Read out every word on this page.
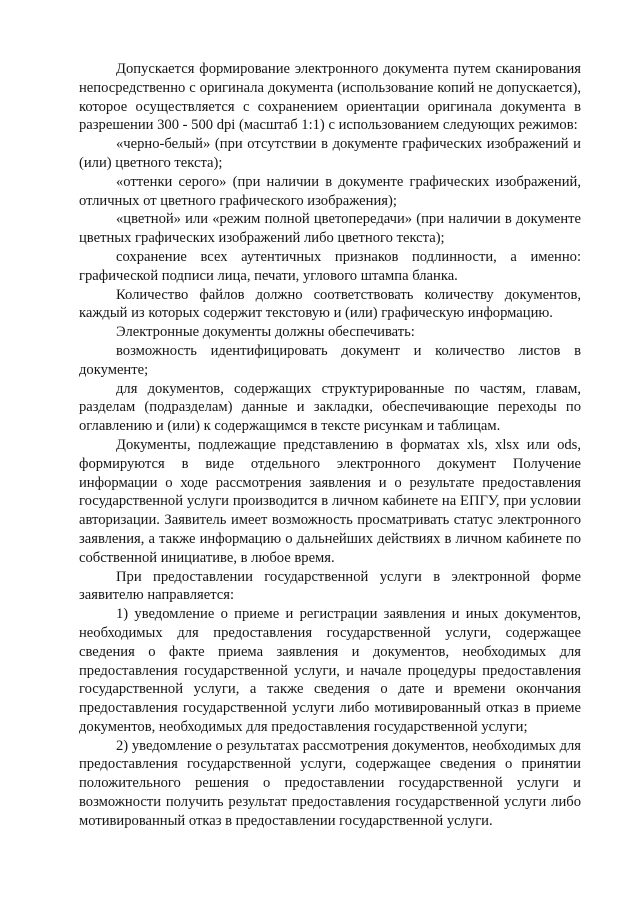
Допускается формирование электронного документа путем сканирования непосредственно с оригинала документа (использование копий не допускается), которое осуществляется с сохранением ориентации оригинала документа в разрешении 300 - 500 dpi (масштаб 1:1) с использованием следующих режимов:

«черно-белый» (при отсутствии в документе графических изображений и (или) цветного текста);

«оттенки серого» (при наличии в документе графических изображений, отличных от цветного графического изображения);

«цветной» или «режим полной цветопередачи» (при наличии в документе цветных графических изображений либо цветного текста);

сохранение всех аутентичных признаков подлинности, а именно: графической подписи лица, печати, углового штампа бланка.

Количество файлов должно соответствовать количеству документов, каждый из которых содержит текстовую и (или) графическую информацию.

Электронные документы должны обеспечивать:

возможность идентифицировать документ и количество листов в документе;

для документов, содержащих структурированные по частям, главам, разделам (подразделам) данные и закладки, обеспечивающие переходы по оглавлению и (или) к содержащимся в тексте рисункам и таблицам.

Документы, подлежащие представлению в форматах xls, xlsx или ods, формируются в виде отдельного электронного документ Получение информации о ходе рассмотрения заявления и о результате предоставления государственной услуги производится в личном кабинете на ЕПГУ, при условии авторизации. Заявитель имеет возможность просматривать статус электронного заявления, а также информацию о дальнейших действиях в личном кабинете по собственной инициативе, в любое время.

При предоставлении государственной услуги в электронной форме заявителю направляется:

1) уведомление о приеме и регистрации заявления и иных документов, необходимых для предоставления государственной услуги, содержащее сведения о факте приема заявления и документов, необходимых для предоставления государственной услуги, и начале процедуры предоставления государственной услуги, а также сведения о дате и времени окончания предоставления государственной услуги либо мотивированный отказ в приеме документов, необходимых для предоставления государственной услуги;

2) уведомление о результатах рассмотрения документов, необходимых для предоставления государственной услуги, содержащее сведения о принятии положительного решения о предоставлении государственной услуги и возможности получить результат предоставления государственной услуги либо мотивированный отказ в предоставлении государственной услуги.
